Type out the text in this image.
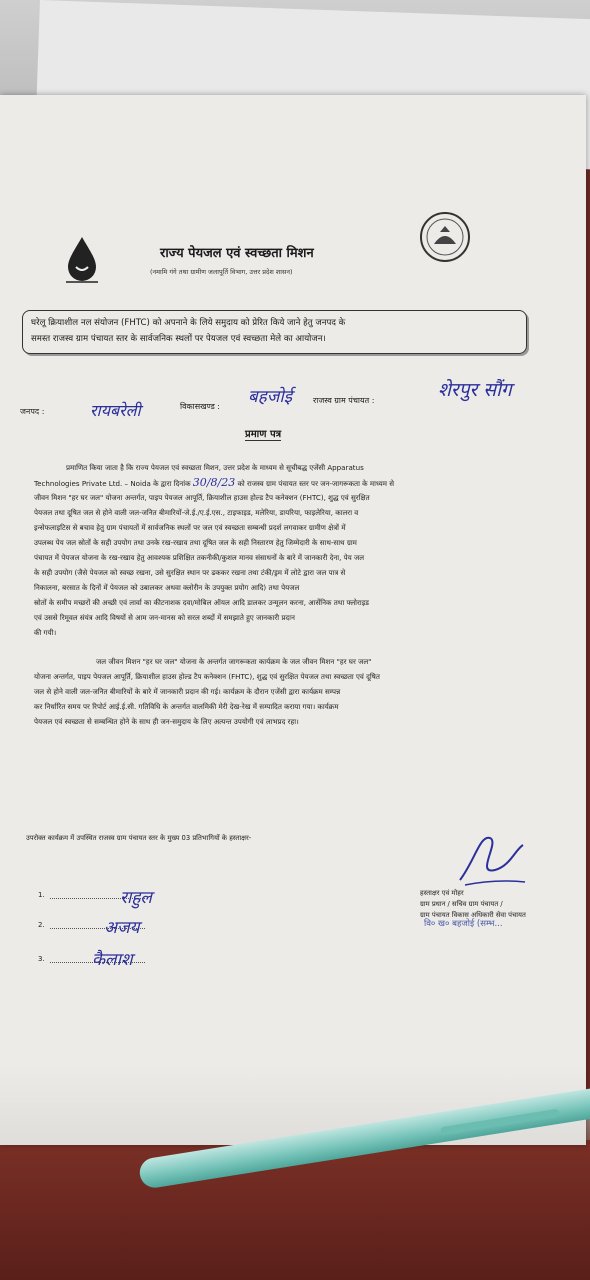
राज्य पेयजल एवं स्वच्छता मिशन
(नमामि गंगे तथा ग्रामीण जलापूर्ति विभाग, उत्तर प्रदेश शासन)
घरेलू क्रियाशील नल संयोजन (FHTC) को अपनाने के लिये समुदाय को प्रेरित किये जाने हेतु जनपद के
समस्त राजस्व ग्राम पंचायत स्तर के सार्वजनिक स्थलों पर पेयजल एवं स्वच्छता मेले का आयोजन।
जनपद :	रायबरेली	विकासखण्ड : बहजोई	राजस्व ग्राम पंचायत :	शेरपुर सौंग
प्रमाण पत्र
प्रमाणित किया जाता है कि राज्य पेयजल एवं स्वच्छता मिशन, उत्तर प्रदेश के माध्यम से सूचीबद्ध एजेंसी Apparatus
Technologies Private Ltd. – Noida के द्वारा दिनांक 30/8/23 को राजस्व ग्राम पंचायत स्तर पर जन-जागरूकता के माध्यम से
जीवन मिशन "हर घर जल" योजना अन्तर्गत, पाइप पेयजल आपूर्ति, क्रियाशील हाउस होल्ड टैप कनेक्शन (FHTC), शुद्ध एवं सुरक्षित
पेयजल तथा दूषित जल से होने वाली जल-जनित बीमारियों-जे.ई./ए.ई.एस., टाइफाइड, मलेरिया, डायरिया, फाइलेरिया, कालरा व
इन्सेफलाइटिस से बचाव हेतु ग्राम पंचायतों में सार्वजनिक स्थलों पर जल एवं स्वच्छता सम्बन्धी प्रदर्श लगवाकर ग्रामीण क्षेत्रों में
उपलब्ध पेय जल स्रोतों के सही उपयोग तथा उनके रख-रखाव तथा दूषित जल के सही निस्तारण हेतु जिम्मेदारी के साथ-साथ ग्राम
पंचायत में पेयजल योजना के रख-रखाव हेतु आवश्यक प्रशिक्षित तकनीकी/कुशल मानव संसाधनों के बारे में जानकारी देना, पेय जल
के सही उपयोग (जैसे पेयजल को स्वच्छ रखना, उसे सुरक्षित स्थान पर ढककर रखना तथा टंकी/ड्रम में लोटे द्वारा जल पात्र से
निकालना, बरसात के दिनों में पेयजल को उबालकर अथवा क्लोरीन के उपयुक्त प्रयोग आदि) तथा पेयजल
स्रोतों के समीप मच्छरों की अच्छी एवं लार्वा का कीटनाशक दवा/मोबिल ऑयल आदि डालकर उन्मूलन करना, आर्सेनिक तथा फ्लोराइड
एवं उससे रिमूवल संयंत्र आदि विषयों से आम जन-मानस को सरल शब्दों में समझाते हुए जानकारी प्रदान
की गयी।
जल जीवन मिशन "हर घर जल" योजना के अन्तर्गत जागरूकता कार्यक्रम के जल जीवन मिशन "हर घर जल"
योजना अन्तर्गत, पाइप पेयजल आपूर्ति, क्रियाशील हाउस होल्ड टैप कनेक्शन (FHTC), शुद्ध एवं सुरक्षित पेयजल तथा स्वच्छता एवं दूषित
जल से होने वाली जल-जनित बीमारियों के बारे में जानकारी प्रदान की गई। कार्यक्रम के दौरान एजेंसी द्वारा कार्यक्रम सम्पन्न
कर निर्धारित समय पर रिपोर्ट आई.ई.सी. गतिविधि के अन्तर्गत वालमिकी मेरी देख-रेख में सम्पादित कराया गया। कार्यक्रम
पेयजल एवं स्वच्छता से सम्बन्धित होने के साथ ही जन-समुदाय के लिए अत्यन्त उपयोगी एवं लाभप्रद रहा।
उपरोक्त कार्यक्रम में उपस्थित राजस्व ग्राम पंचायत स्तर के मुख्य 03 प्रतिभागियों के हस्ताक्षर-
1.	राहुल
2.	अजय
3.	कैलाश
हस्ताक्षर एवं मोहर
ग्राम प्रधान / सचिव ग्राम पंचायत /
ग्राम पंचायत विकास अधिकारी सेवा पंचायत
वि० ख० बहजोई (सम्भ...
